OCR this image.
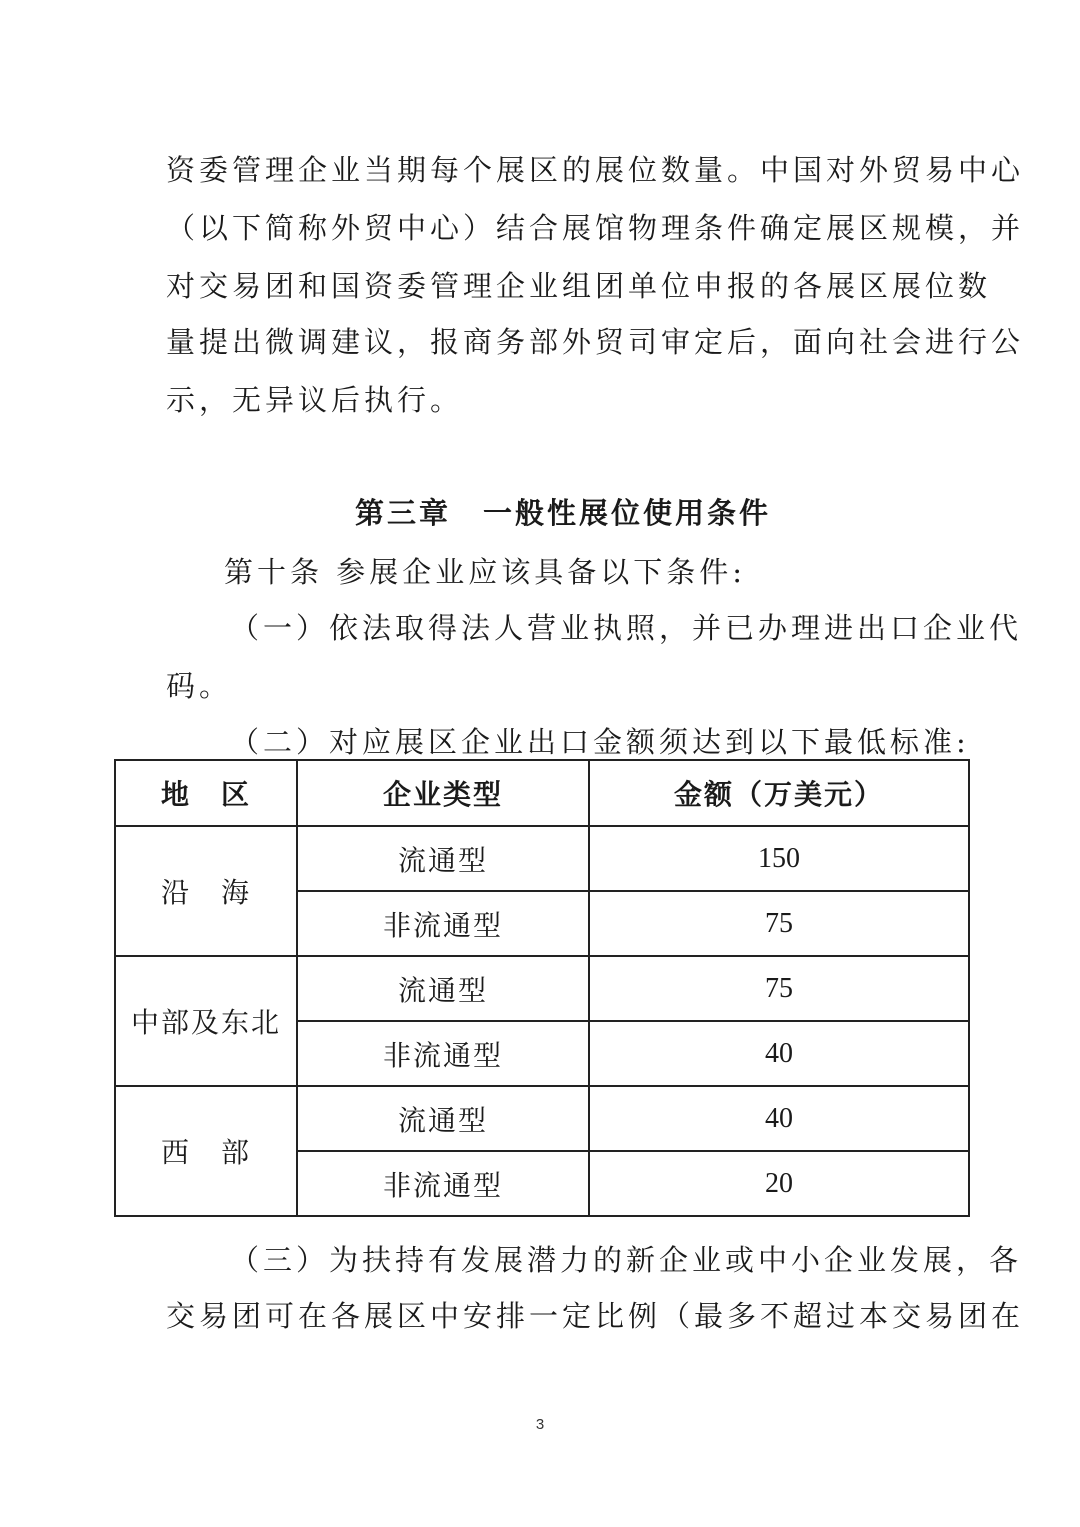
资委管理企业当期每个展区的展位数量。中国对外贸易中心
（以下简称外贸中心）结合展馆物理条件确定展区规模，并
对交易团和国资委管理企业组团单位申报的各展区展位数
量提出微调建议，报商务部外贸司审定后，面向社会进行公
示，无异议后执行。
第三章　一般性展位使用条件
第十条 参展企业应该具备以下条件:
（一）依法取得法人营业执照，并已办理进出口企业代
码。
（二）对应展区企业出口金额须达到以下最低标准:
地　区	企业类型	金额（万美元）
沿　海	流通型	150
	非流通型	75
中部及东北	流通型	75
	非流通型	40
西　部	流通型	40
	非流通型	20
（三）为扶持有发展潜力的新企业或中小企业发展，各
交易团可在各展区中安排一定比例（最多不超过本交易团在
3
